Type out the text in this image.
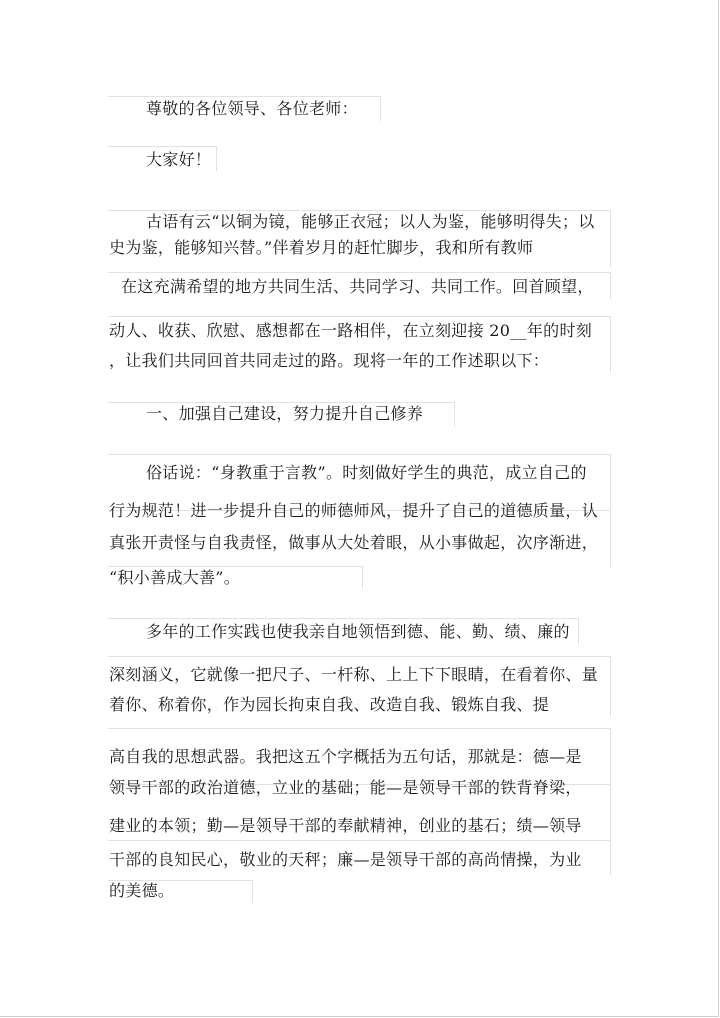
尊敬的各位领导、各位老师：
大家好！
古语有云“以铜为镜，能够正衣冠；以人为鉴，能够明得失；以
史为鉴，能够知兴替。”伴着岁月的赶忙脚步，我和所有教师
在这充满希望的地方共同生活、共同学习、共同工作。回首顾望，
动人、收获、欣慰、感想都在一路相伴，在立刻迎接 20__年的时刻
，让我们共同回首共同走过的路。现将一年的工作述职以下：
一、加强自己建设，努力提升自己修养
俗话说：“身教重于言教”。时刻做好学生的典范，成立自己的
行为规范！进一步提升自己的师德师风，提升了自己的道德质量，认
真张开责怪与自我责怪，做事从大处着眼，从小事做起，次序渐进，
“积小善成大善”。
多年的工作实践也使我亲自地领悟到德、能、勤、绩、廉的
深刻涵义，它就像一把尺子、一杆称、上上下下眼睛，在看着你、量
着你、称着你，作为园长拘束自我、改造自我、锻炼自我、提
高自我的思想武器。我把这五个字概括为五句话，那就是：德—是
领导干部的政治道德，立业的基础；能—是领导干部的铁背脊梁，
建业的本领；勤—是领导干部的奉献精神，创业的基石；绩—领导
干部的良知民心，敬业的天秤；廉—是领导干部的高尚情操，为业
的美德。
